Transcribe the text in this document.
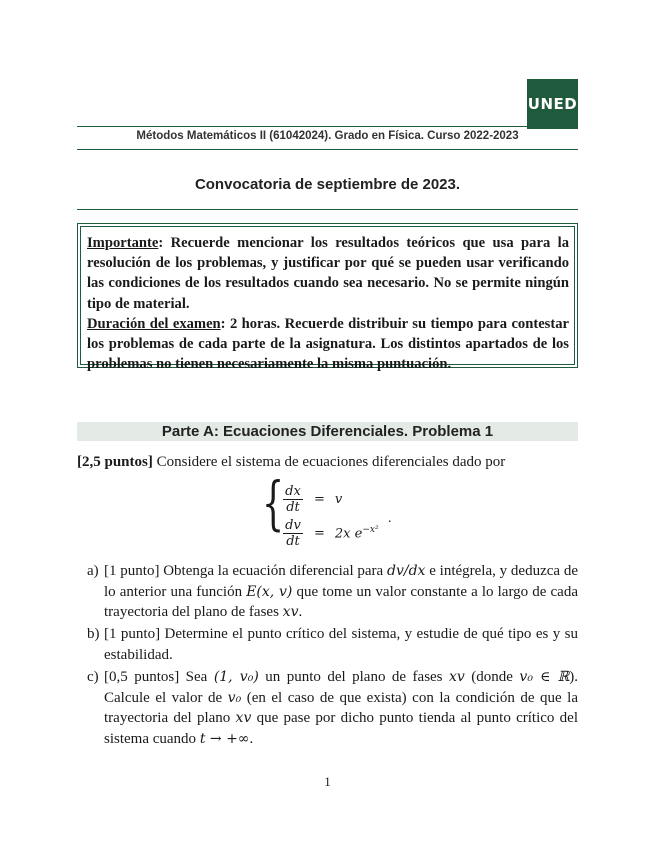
UNED
Métodos Matemáticos II (61042024). Grado en Física. Curso 2022-2023
Convocatoria de septiembre de 2023.
Importante: Recuerde mencionar los resultados teóricos que usa para la resolución de los problemas, y justificar por qué se pueden usar verificando las condiciones de los resultados cuando sea necesario. No se permite ningún tipo de material.
Duración del examen: 2 horas. Recuerde distribuir su tiempo para contestar los problemas de cada parte de la asignatura. Los distintos apartados de los problemas no tienen necesariamente la misma puntuación.
Parte A: Ecuaciones Diferenciales. Problema 1
[2,5 puntos] Considere el sistema de ecuaciones diferenciales dado por
{
$\frac{dx}{dt} = v$
$\frac{dv}{dt} = 2x$ $e^{-x^2}$
.
a) [1 punto] Obtenga la ecuación diferencial para dv/dx e intégrela, y deduzca de lo anterior una función E(x, v) que tome un valor constante a lo largo de cada trayectoria del plano de fases xv.
b) [1 punto] Determine el punto crítico del sistema, y estudie de qué tipo es y su estabilidad.
c) [0,5 puntos] Sea (1, v₀) un punto del plano de fases xv (donde v₀ ∈ ℝ). Calcule el valor de v₀ (en el caso de que exista) con la condición de que la trayectoria del plano xv que pase por dicho punto tienda al punto crítico del sistema cuando t → +∞.
1
